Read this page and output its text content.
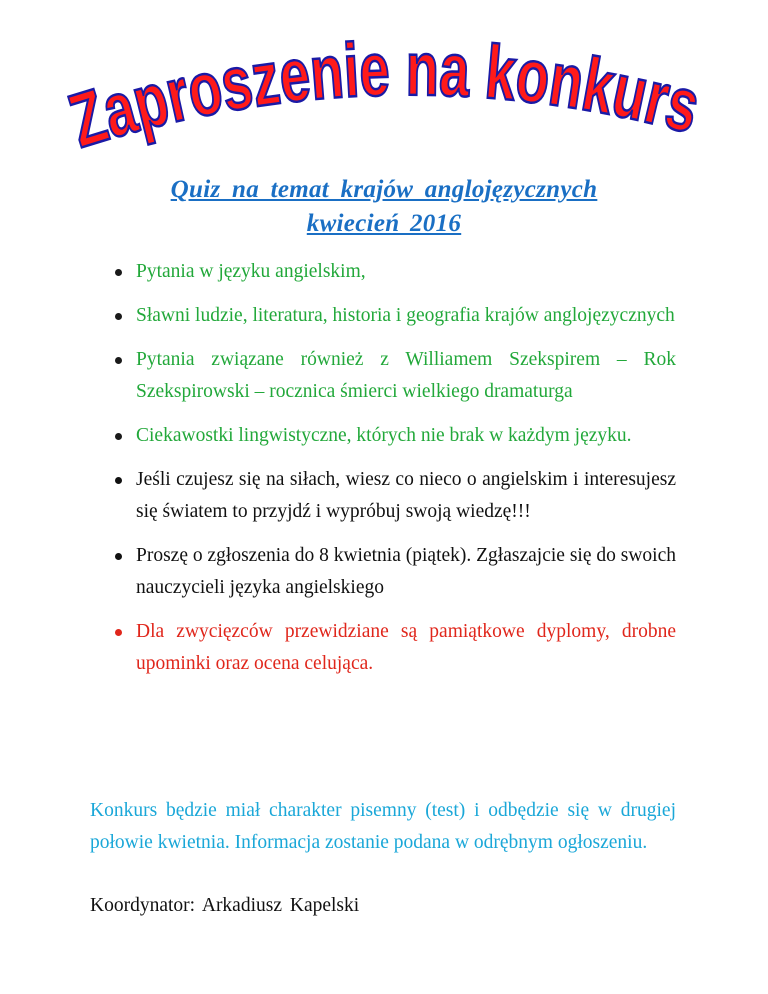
Zaproszenie na konkurs
Quiz na temat krajów anglojęzycznych
kwiecień 2016
Pytania w języku angielskim,
Sławni ludzie, literatura, historia i geografia krajów anglojęzycznych
Pytania związane również z Williamem Szekspirem – Rok Szekspirowski – rocznica śmierci wielkiego dramaturga
Ciekawostki lingwistyczne, których nie brak w każdym języku.
Jeśli czujesz się na siłach, wiesz co nieco o angielskim i interesujesz się światem to przyjdź i wypróbuj swoją wiedzę!!!
Proszę o zgłoszenia do 8 kwietnia (piątek). Zgłaszajcie się do swoich nauczycieli języka angielskiego
Dla zwycięzców przewidziane są pamiątkowe dyplomy, drobne upominki oraz ocena celująca.
Konkurs będzie miał charakter pisemny (test) i odbędzie się w drugiej połowie kwietnia. Informacja zostanie podana w odrębnym ogłoszeniu.
Koordynator: Arkadiusz Kapelski
